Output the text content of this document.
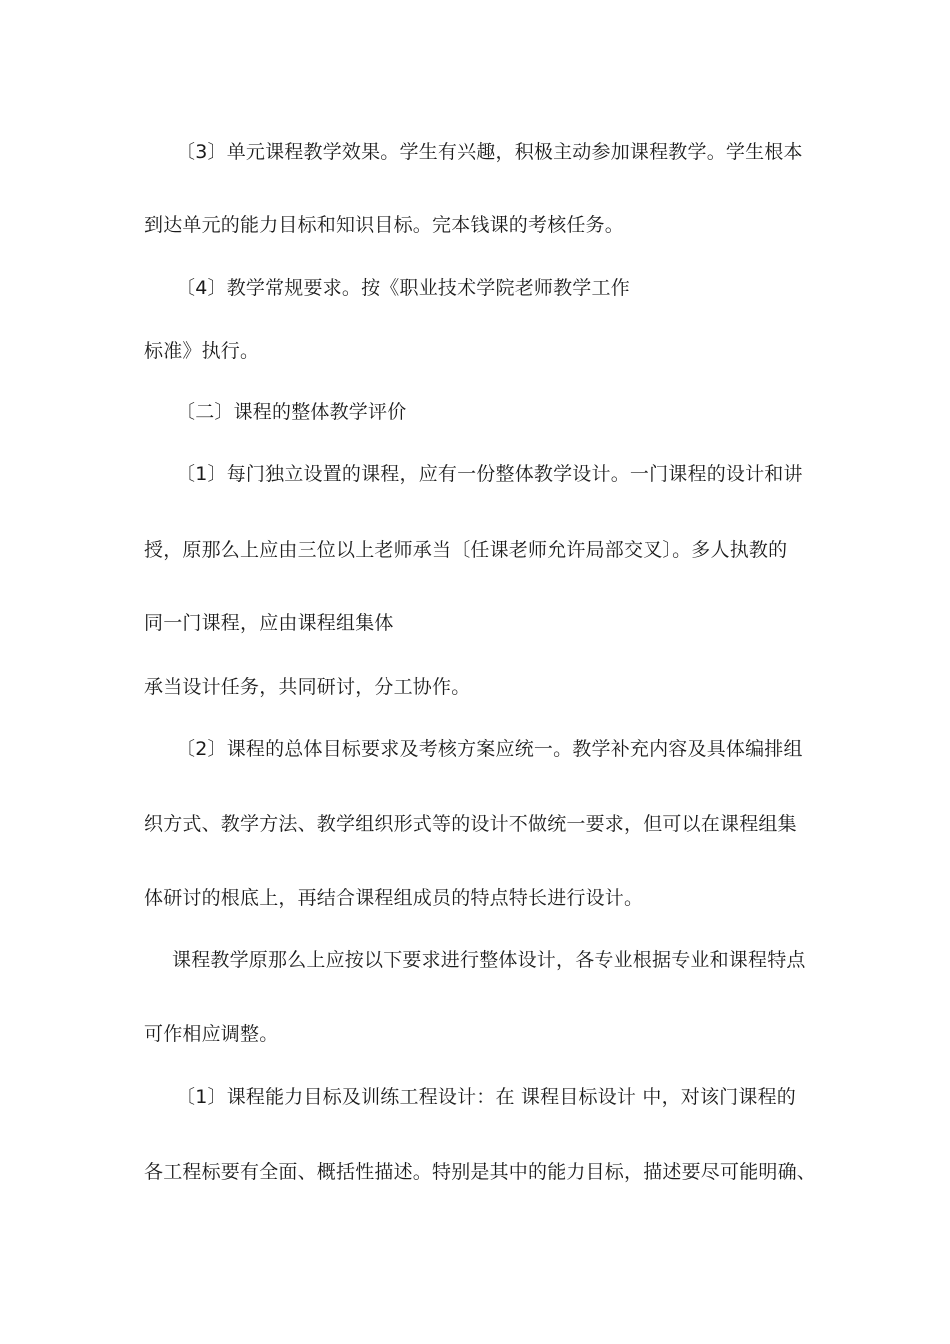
〔3〕单元课程教学效果。学生有兴趣，积极主动参加课程教学。学生根本
到达单元的能力目标和知识目标。完本钱课的考核任务。
〔4〕教学常规要求。按《职业技术学院老师教学工作
标准》执行。
〔二〕课程的整体教学评价
〔1〕每门独立设置的课程，应有一份整体教学设计。一门课程的设计和讲
授，原那么上应由三位以上老师承当〔任课老师允许局部交叉〕。多人执教的
同一门课程，应由课程组集体
承当设计任务，共同研讨，分工协作。
〔2〕课程的总体目标要求及考核方案应统一。教学补充内容及具体编排组
织方式、教学方法、教学组织形式等的设计不做统一要求，但可以在课程组集
体研讨的根底上，再结合课程组成员的特点特长进行设计。
课程教学原那么上应按以下要求进行整体设计，各专业根据专业和课程特点
可作相应调整。
〔1〕课程能力目标及训练工程设计：在 课程目标设计 中，对该门课程的
各工程标要有全面、概括性描述。特别是其中的能力目标，描述要尽可能明确、
